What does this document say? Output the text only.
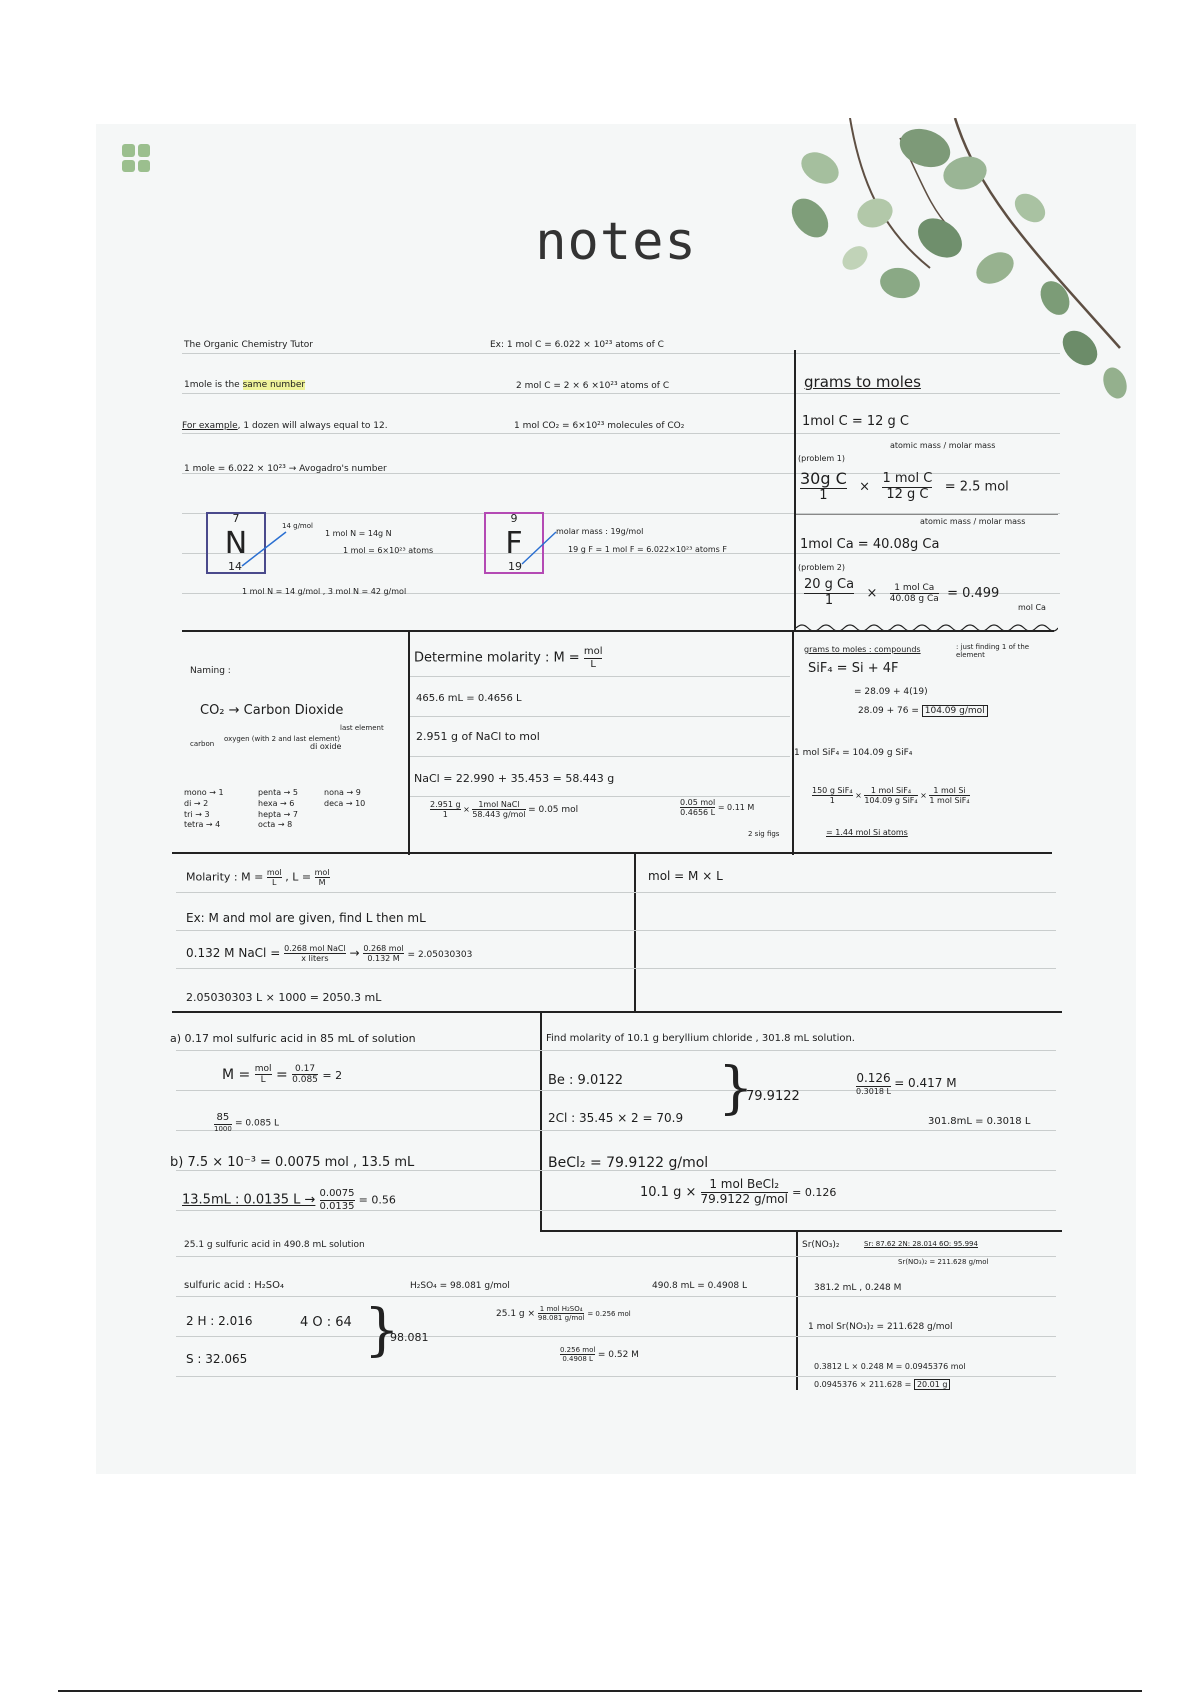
notes
The Organic Chemistry Tutor
1mole is the same number
For example, 1 dozen will always equal to 12.
1 mole = 6.022 × 10²³ → Avogadro's number
Ex: 1 mol C = 6.022 × 10²³ atoms of C
2 mol C = 2 × 6 ×10²³ atoms of C
1 mol CO₂ = 6×10²³ molecules of CO₂
7
N
14
14 g/mol
1 mol N = 14g N
1 mol = 6×10²³ atoms
1 mol N = 14 g/mol , 3 mol N = 42 g/mol
9
F
19
molar mass : 19g/mol
19 g F = 1 mol F = 6.022×10²³ atoms F
grams to moles
1mol C = 12 g C
atomic mass / molar mass
(problem 1)
$\frac{\text{30g C}}{1} \times \frac{\text{1 mol C}}{\text{12 g C}} = 2.5$ mol
atomic mass / molar mass
1mol Ca = 40.08g Ca
(problem 2)
$\frac{\text{20 g Ca}}{1} \times \frac{\text{1 mol Ca}}{\text{40.08 g Ca}} = 0.499$
mol Ca
Naming :
CO₂ → Carbon Dioxide
carbon
oxygen (with 2 and last element)
di oxide
last element
mono → 1
di → 2
tri → 3
tetra → 4
penta → 5
hexa → 6
hepta → 7
octa → 8
nona → 9
deca → 10
Determine molarity : $M = \frac{\text{mol}}{L}$
465.6 mL = 0.4656 L
2.951 g of NaCl to mol
NaCl = 22.990 + 35.453 = 58.443 g
$\frac{2.951 g}{1} \times \frac{\text{1mol NaCl}}{\text{58.443 g/mol}} = 0.05$ mol	$\frac{\text{0.05 mol}}{0.4656 L} = 0.11$ M
2 sig figs
grams to moles : compounds	: just finding 1 of the element
SiF₄ = Si + 4F
= 28.09 + 4(19)
28.09 + 76 = 104.09 g/mol
1 mol SiF₄ = 104.09 g SiF₄
$\frac{\text{150 g SiF₄}}{1} \times \frac{\text{1 mol SiF₄}}{\text{104.09 g SiF₄}} \times \frac{\text{1 mol Si}}{\text{1 mol SiF₄}}$
= 1.44 mol Si atoms
Molarity : $M = \frac{\text{mol}}{L}$ , $L = \frac{\text{mol}}{M}$
Ex: M and mol are given, find L then mL
0.132 M NaCl = $\frac{\text{0.268 mol NaCl}}{\text{x liters}} \to \frac{\text{0.268 mol}}{0.132 M} = 2.05030303$
2.05030303 L × 1000 = 2050.3 mL
mol = M × L
a) 0.17 mol sulfuric acid in 85 mL of solution
$M = \frac{\text{mol}}{L} = \frac{0.17}{0.085} = 2$
$\frac{85}{1000} = 0.085$ L
b) 7.5 × 10⁻³ = 0.0075 mol , 13.5 mL
13.5mL : 0.0135 $L \to \frac{0.0075}{0.0135} = 0.56$
Find molarity of 10.1 g beryllium chloride , 301.8 mL solution.
Be : 9.0122
2Cl : 35.45 × 2 = 70.9 }
79.9122
$\frac{0.126}{0.3018 L} = 0.417$ M
301.8mL = 0.3018 L
BeCl₂ = 79.9122 g/mol
10.1 $g \times \frac{\text{1 mol BeCl₂}}{\text{79.9122 g/mol}} = 0.126$
25.1 g sulfuric acid in 490.8 mL solution
sulfuric acid : H₂SO₄	H₂SO₄ = 98.081 g/mol	490.8 mL = 0.4908 L
2 H : 2.016	4 O : 64
S : 32.065 }
98.081
25.1 $g \times \frac{\text{1 mol H₂SO₄}}{\text{98.081 g/mol}} = 0.256$ mol
$\frac{\text{0.256 mol}}{0.4908 L} = 0.52$ M
Sr(NO₃)₂	Sr: 87.62 2N: 28.014 6O: 95.994
Sr(NO₃)₂ = 211.628 g/mol
381.2 mL , 0.248 M
1 mol Sr(NO₃)₂ = 211.628 g/mol
0.3812 L × 0.248 M = 0.0945376 mol
0.0945376 × 211.628 = 20.01 g
